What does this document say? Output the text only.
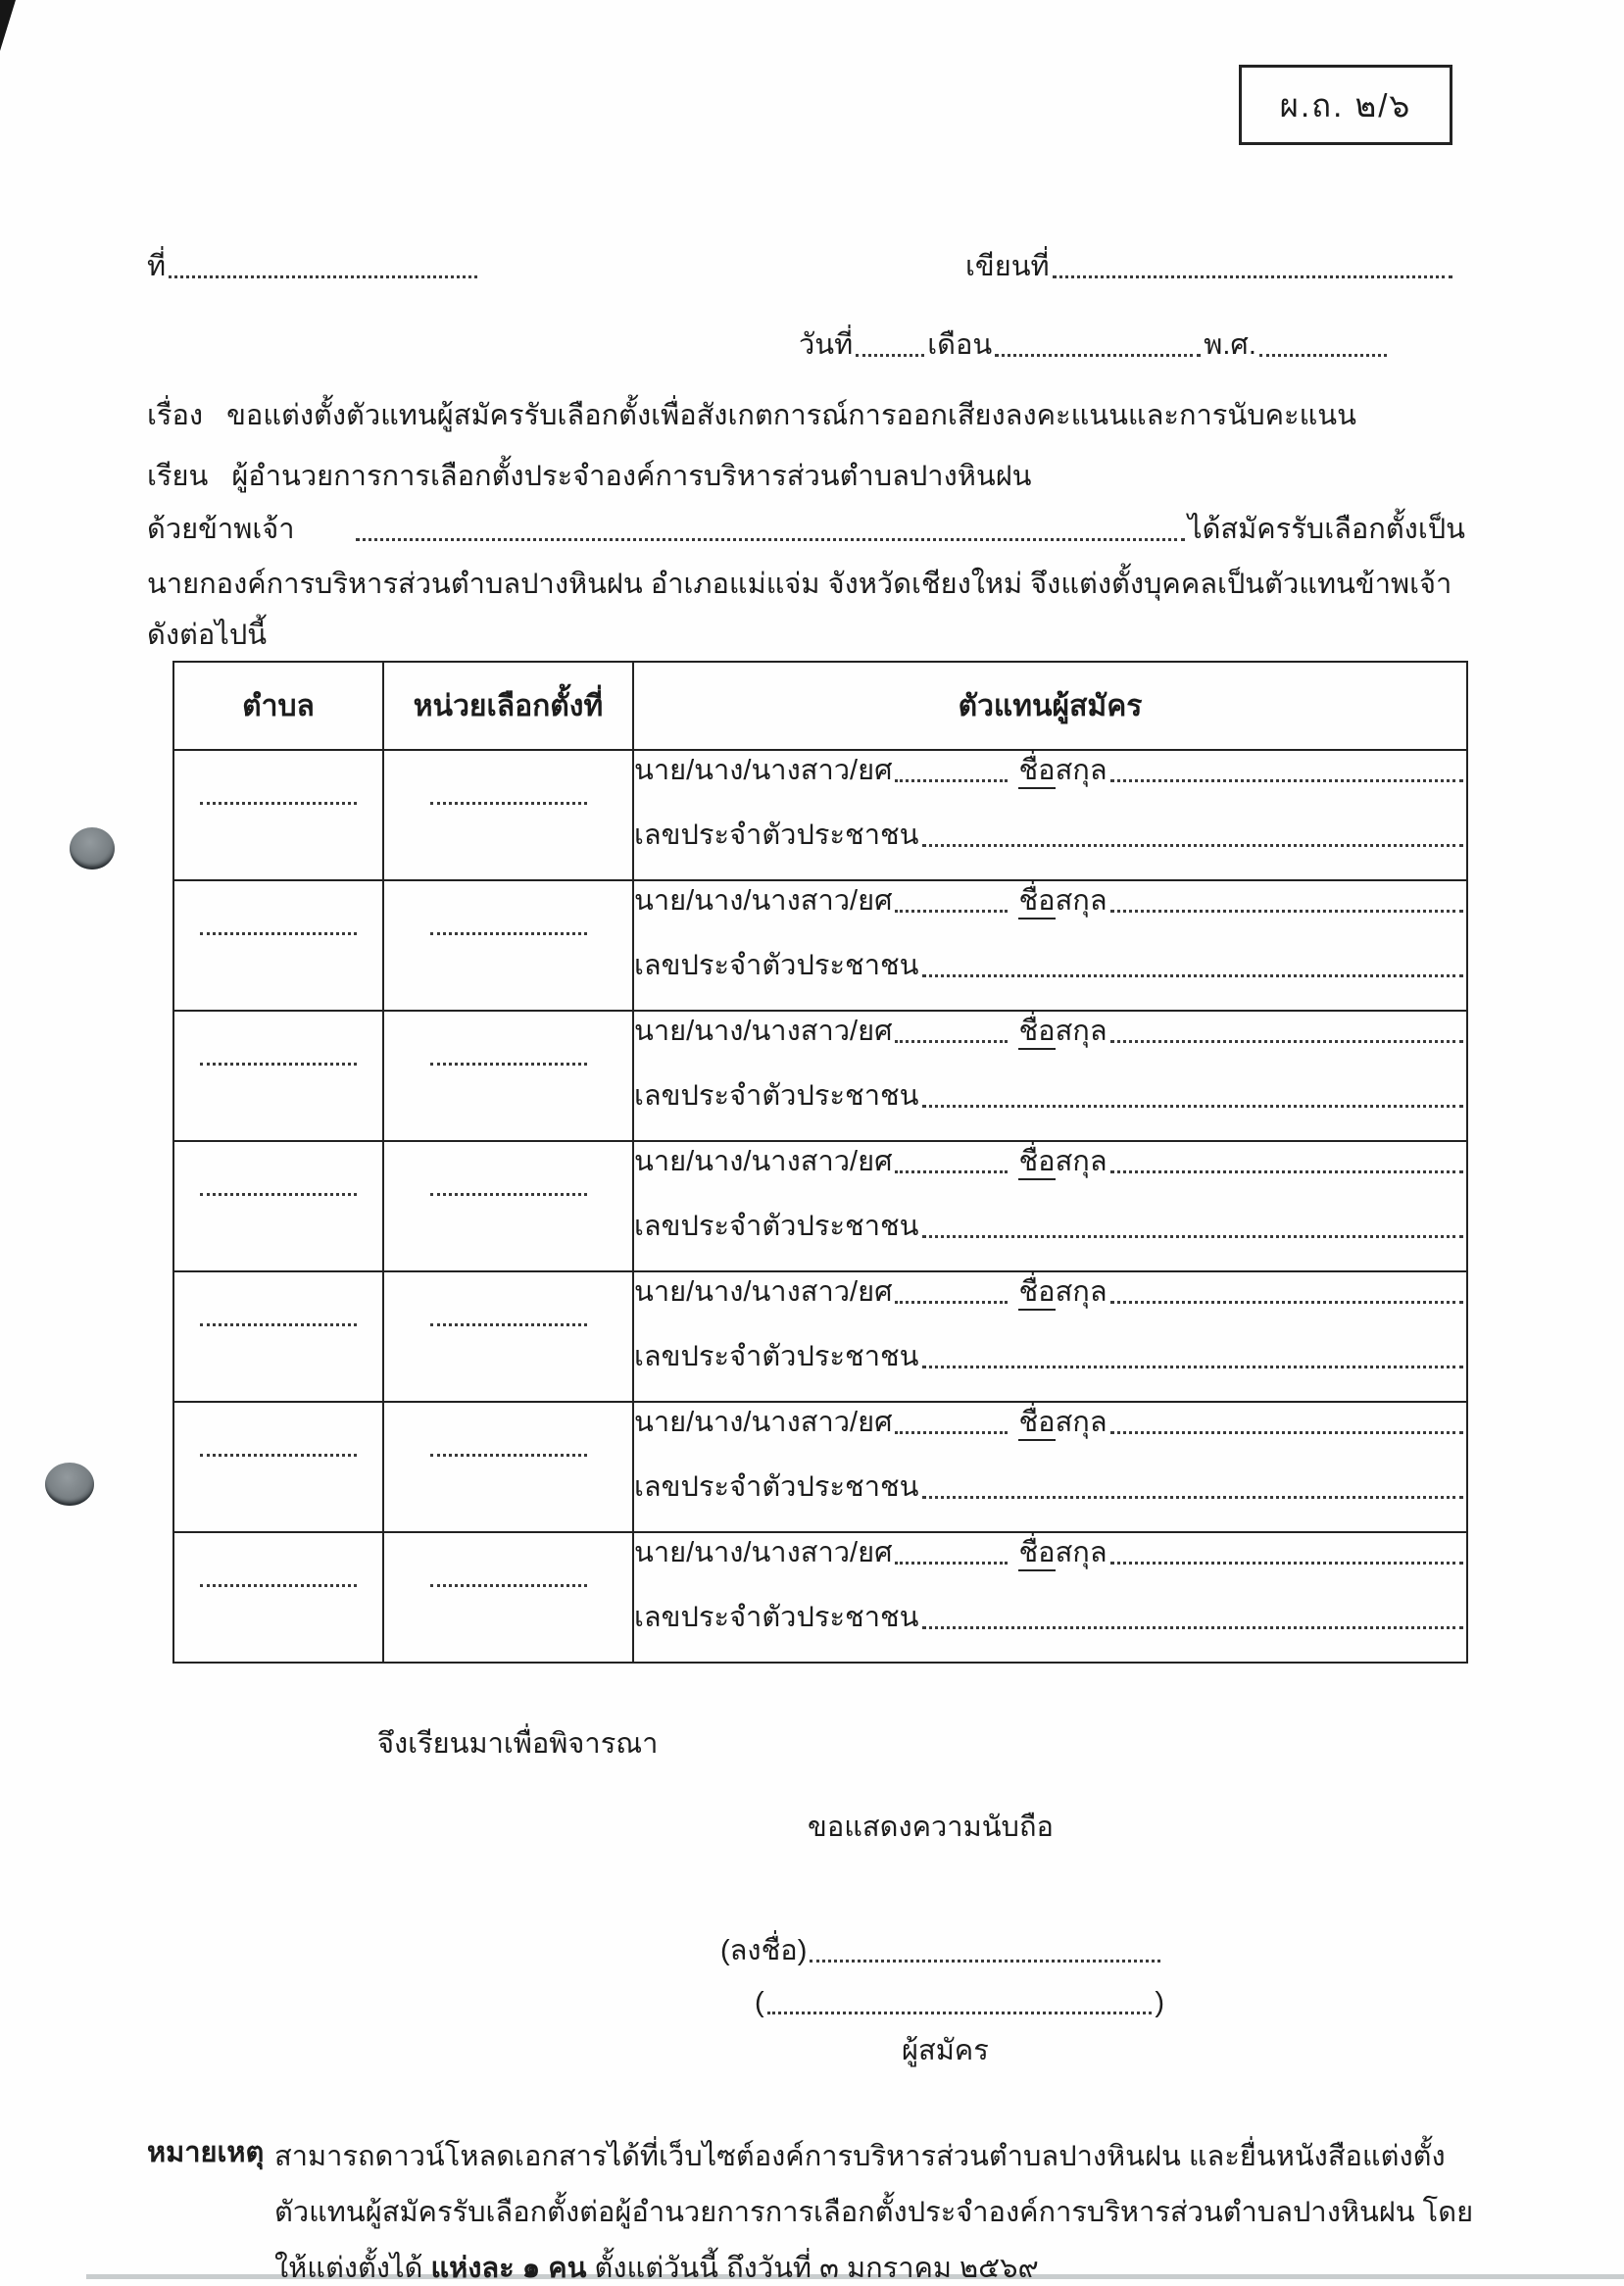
ผ.ถ. ๒/๖
ที่	เขียนที่
วันที่	เดือน	พ.ศ.
เรื่อง ขอแต่งตั้งตัวแทนผู้สมัครรับเลือกตั้งเพื่อสังเกตการณ์การออกเสียงลงคะแนนและการนับคะแนน
เรียน ผู้อำนวยการการเลือกตั้งประจำองค์การบริหารส่วนตำบลปางหินฝน
ด้วยข้าพเจ้า	ได้สมัครรับเลือกตั้งเป็น
นายกองค์การบริหารส่วนตำบลปางหินฝน อำเภอแม่แจ่ม จังหวัดเชียงใหม่ จึงแต่งตั้งบุคคลเป็นตัวแทนข้าพเจ้า
ดังต่อไปนี้
ตำบล	หน่วยเลือกตั้งที่	ตัวแทนผู้สมัคร

		นาย/นาง/นางสาว/ยศ ชื่อสกุล
เลขประจำตัวประชาชน

		นาย/นาง/นางสาว/ยศ ชื่อสกุล
เลขประจำตัวประชาชน

		นาย/นาง/นางสาว/ยศ ชื่อสกุล
เลขประจำตัวประชาชน

		นาย/นาง/นางสาว/ยศ ชื่อสกุล
เลขประจำตัวประชาชน

		นาย/นาง/นางสาว/ยศ ชื่อสกุล
เลขประจำตัวประชาชน

		นาย/นาง/นางสาว/ยศ ชื่อสกุล
เลขประจำตัวประชาชน

		นาย/นาง/นางสาว/ยศ ชื่อสกุล
เลขประจำตัวประชาชน
จึงเรียนมาเพื่อพิจารณา
ขอแสดงความนับถือ
(ลงชื่อ)
(	)
ผู้สมัคร
หมายเหตุ สามารถดาวน์โหลดเอกสารได้ที่เว็บไซต์องค์การบริหารส่วนตำบลปางหินฝน และยื่นหนังสือแต่งตั้ง
ตัวแทนผู้สมัครรับเลือกตั้งต่อผู้อำนวยการการเลือกตั้งประจำองค์การบริหารส่วนตำบลปางหินฝน โดย
ให้แต่งตั้งได้ แห่งละ ๑ คน ตั้งแต่วันนี้ ถึงวันที่ ๓ มกราคม ๒๕๖๙
